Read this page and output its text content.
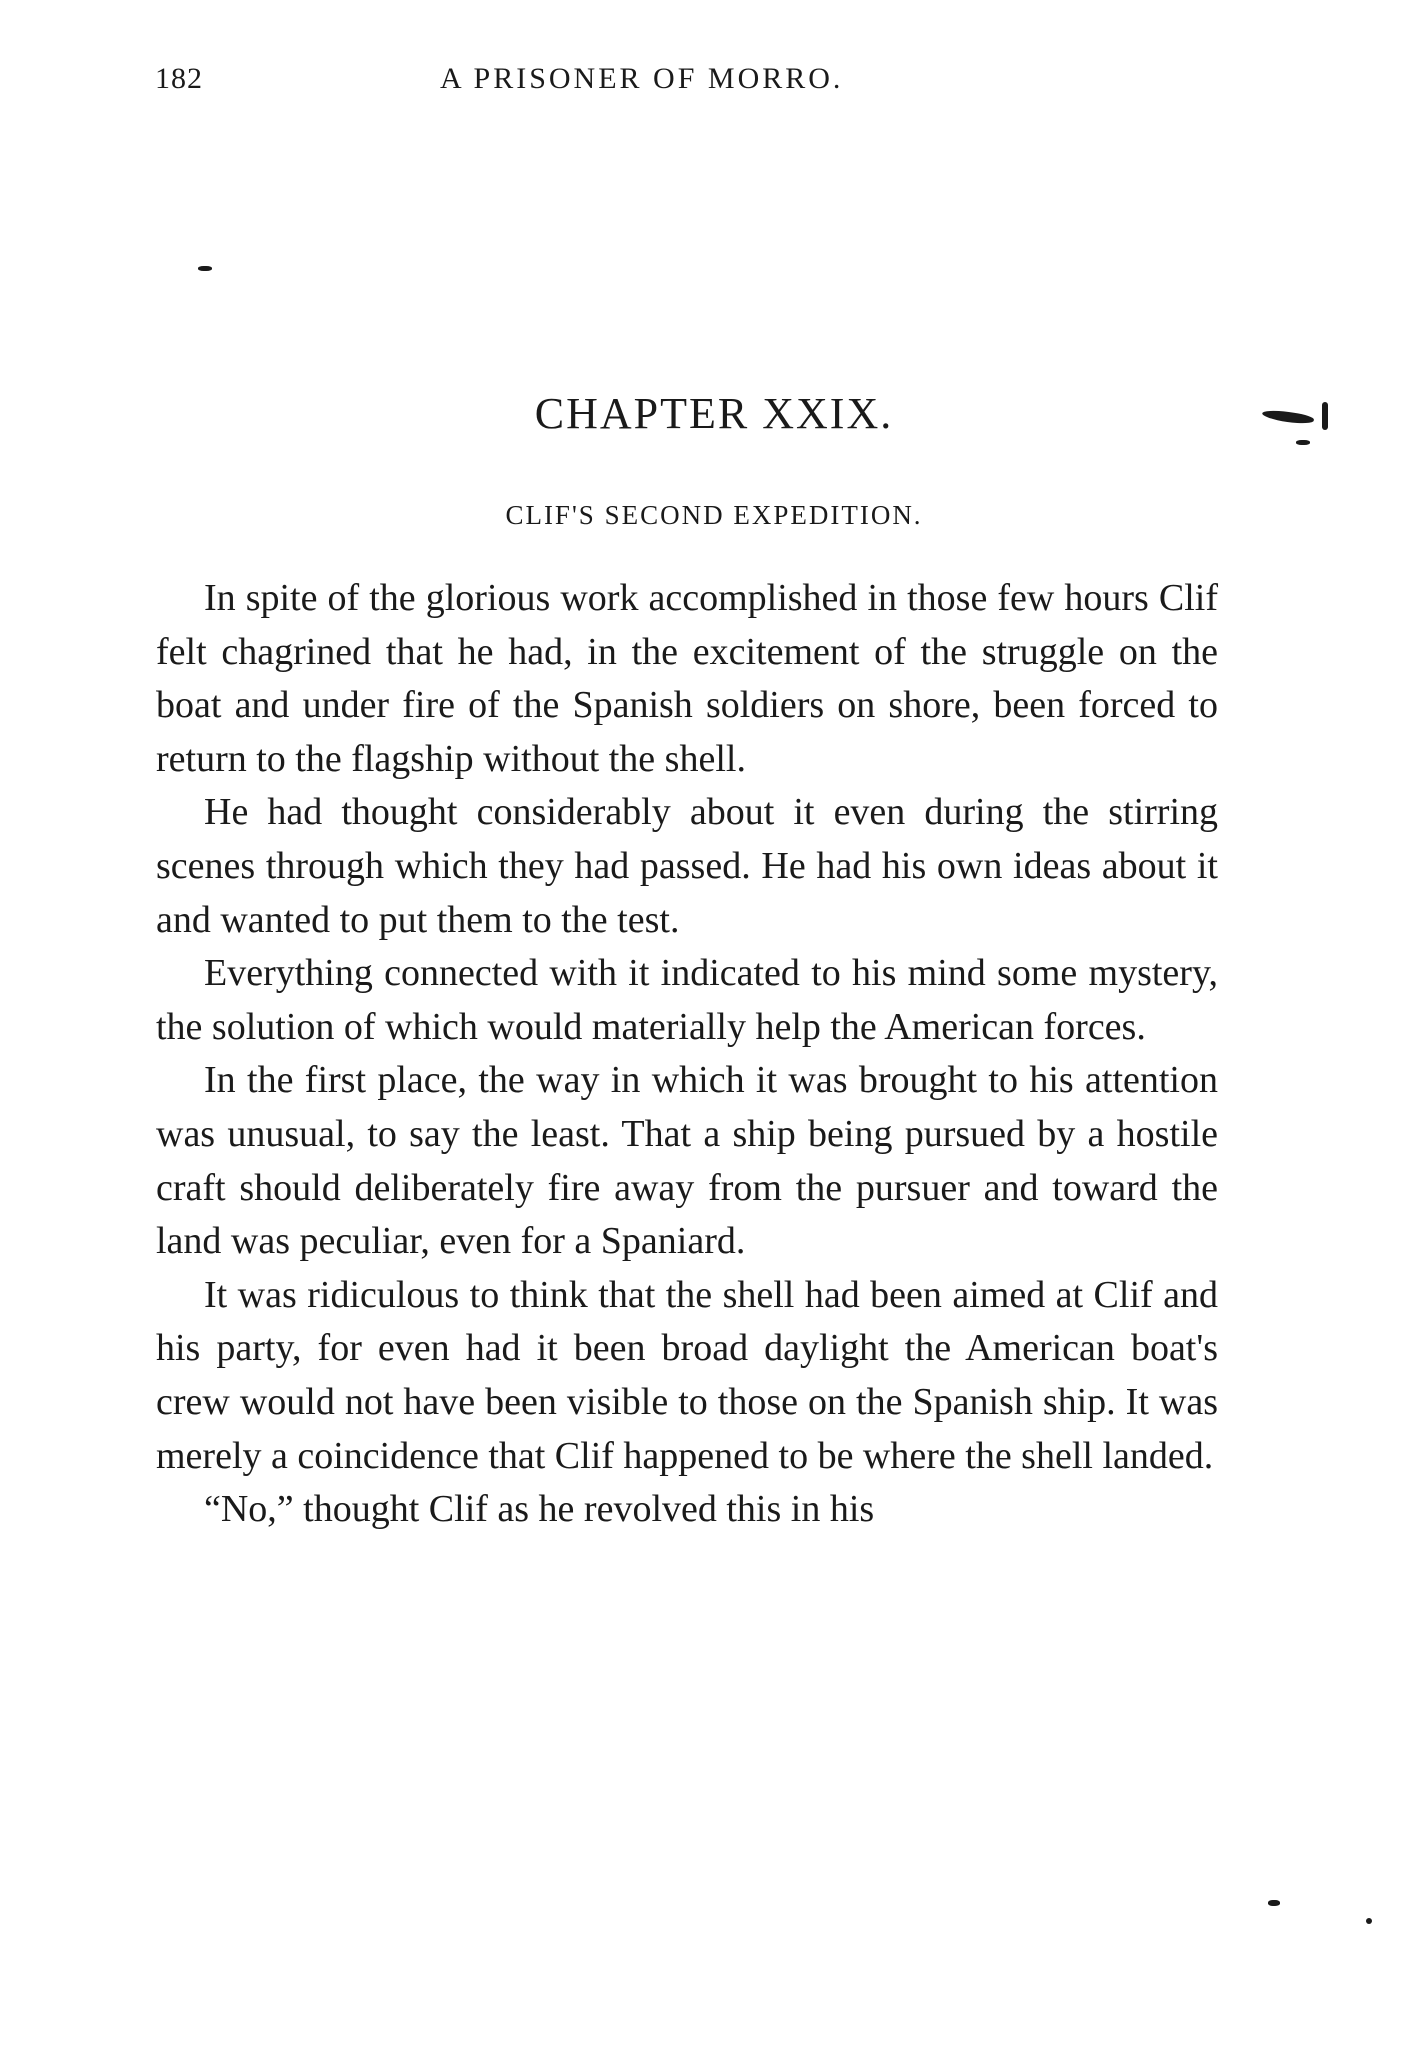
182	A PRISONER OF MORRO.
CHAPTER XXIX.
CLIF'S SECOND EXPEDITION.

In spite of the glorious work accomplished in those few hours Clif felt chagrined that he had, in the excitement of the struggle on the boat and under fire of the Spanish soldiers on shore, been forced to return to the flagship without the shell.

He had thought considerably about it even during the stirring scenes through which they had passed. He had his own ideas about it and wanted to put them to the test.

Everything connected with it indicated to his mind some mystery, the solution of which would materially help the American forces.

In the first place, the way in which it was brought to his attention was unusual, to say the least. That a ship being pursued by a hostile craft should deliberately fire away from the pursuer and toward the land was peculiar, even for a Spaniard.

It was ridiculous to think that the shell had been aimed at Clif and his party, for even had it been broad daylight the American boat's crew would not have been visible to those on the Spanish ship. It was merely a coincidence that Clif happened to be where the shell landed.

“No,” thought Clif as he revolved this in his
